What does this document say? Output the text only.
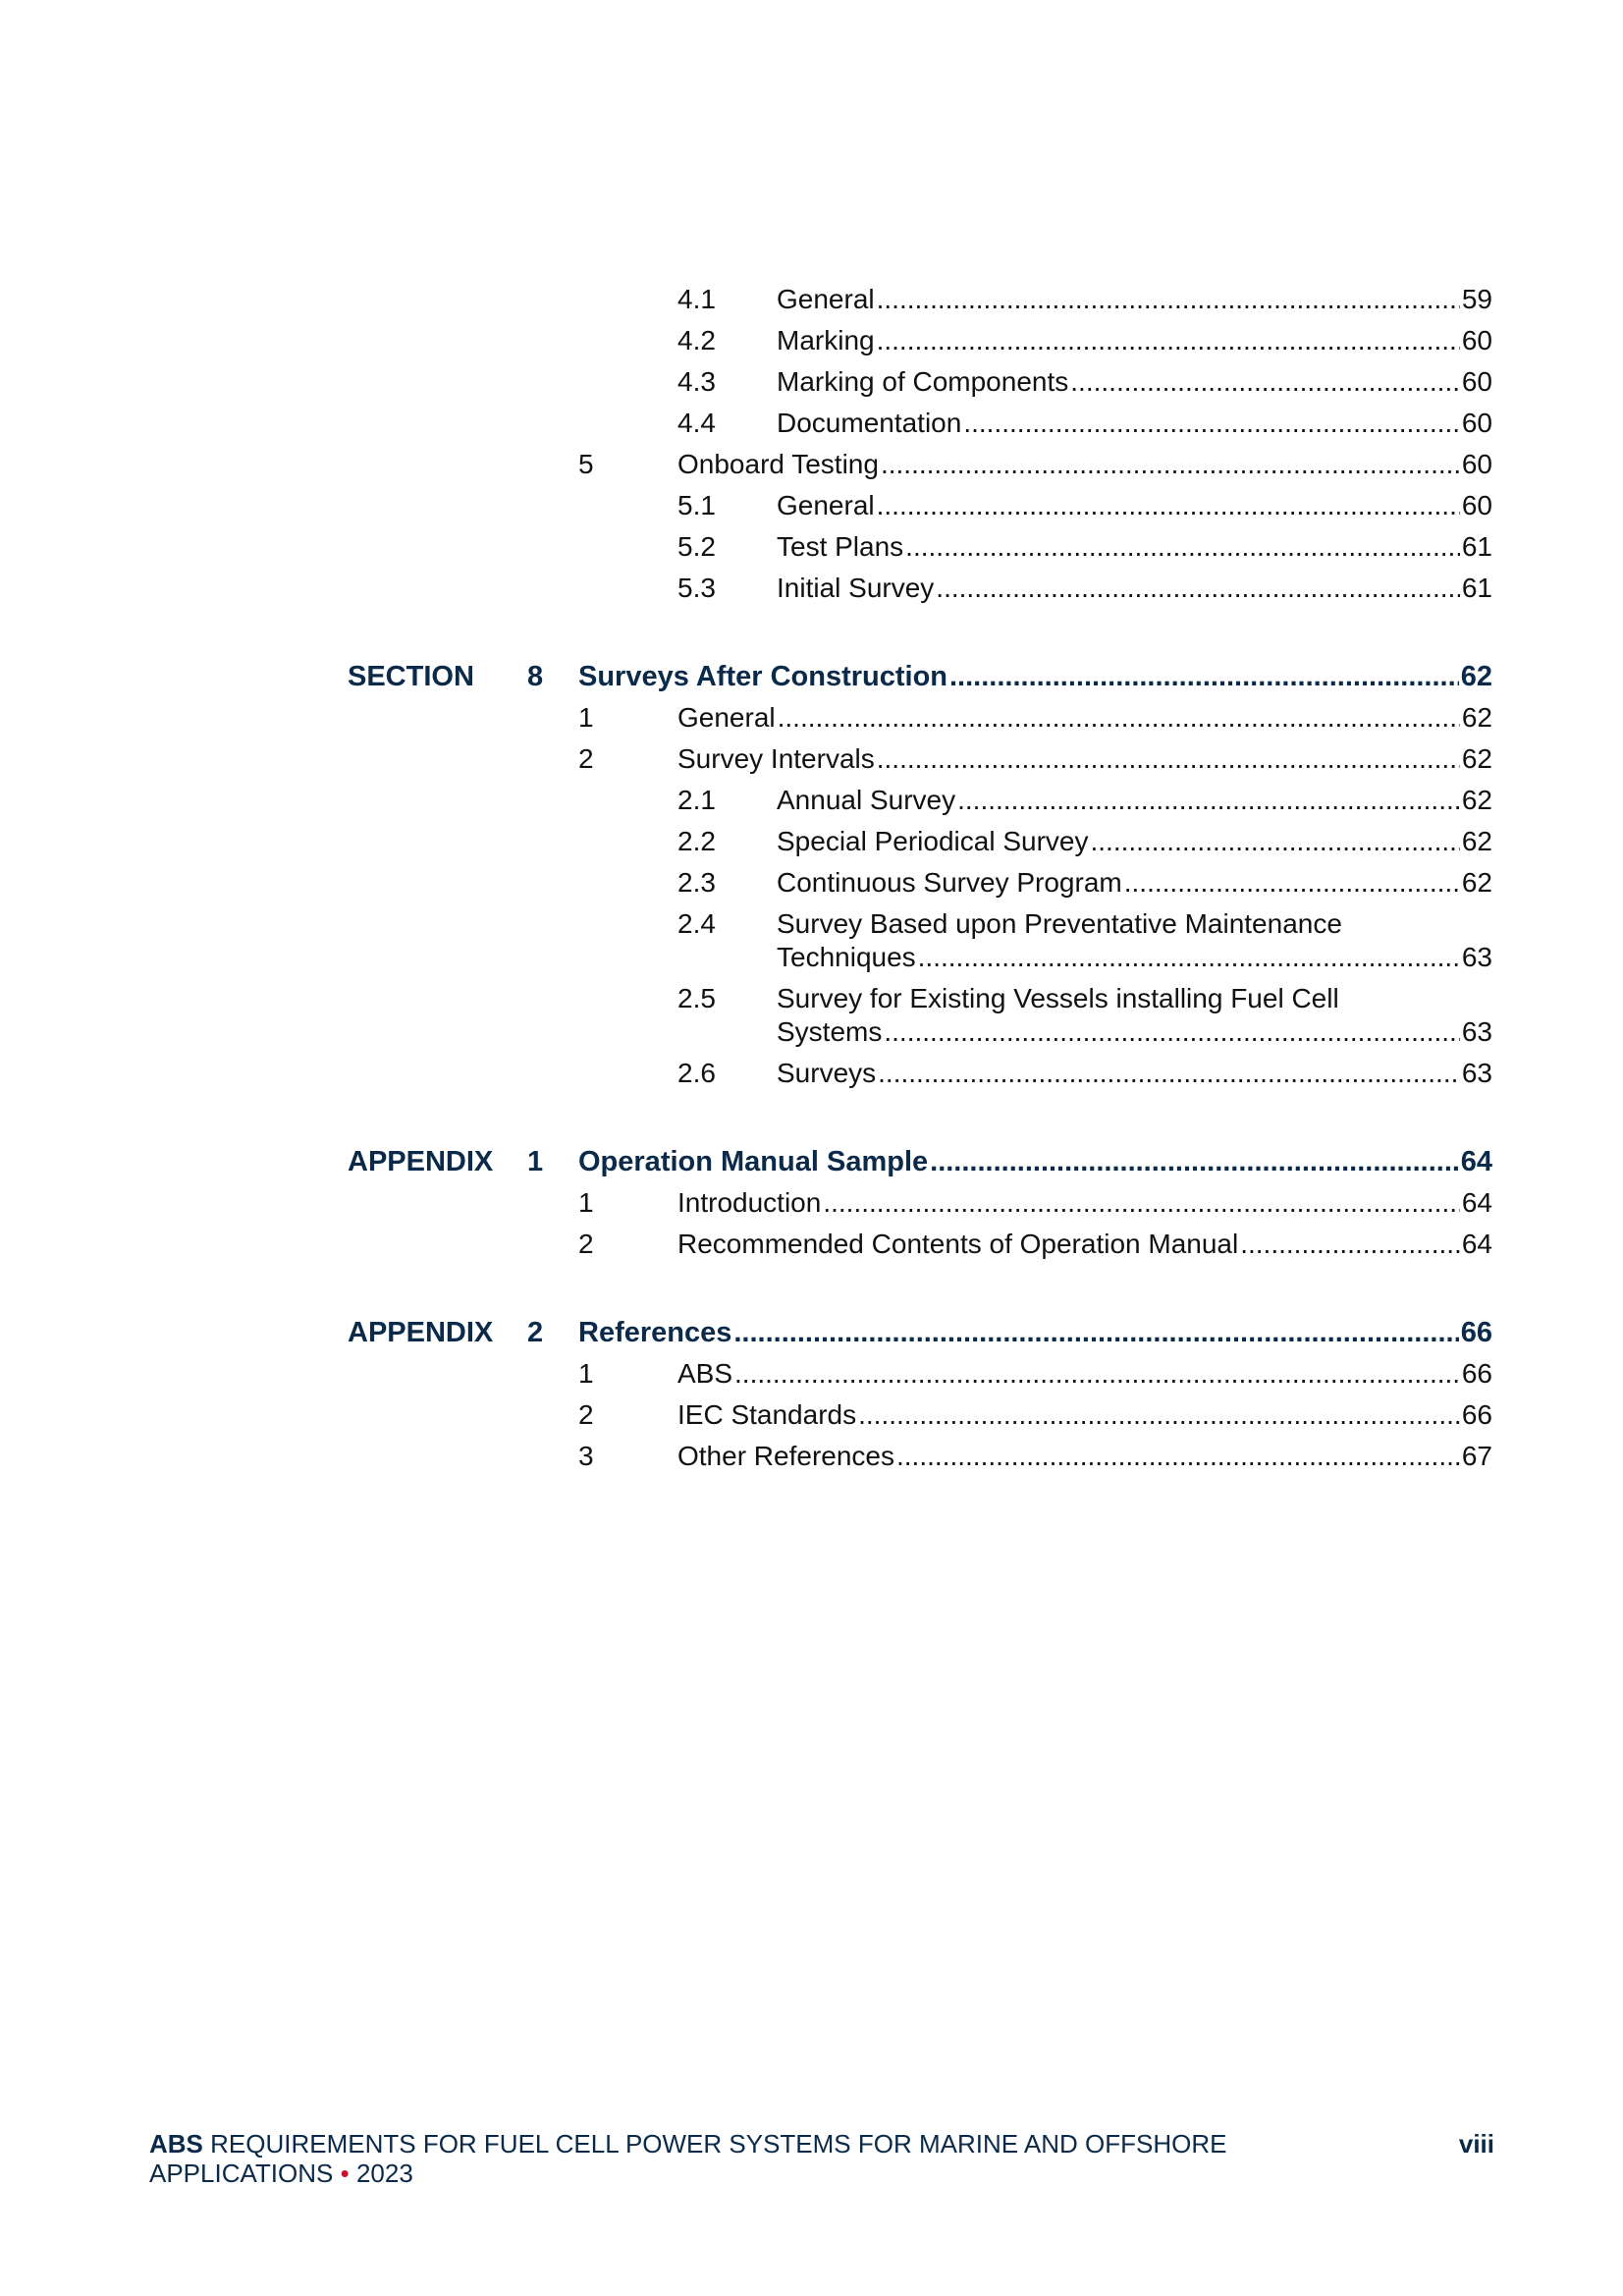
4.1 General .....	59
4.2 Marking .....	60
4.3 Marking of Components .....	60
4.4 Documentation .....	60
5	Onboard Testing .....	60
5.1 General .....	60
5.2 Test Plans .....	61
5.3 Initial Survey .....	61
SECTION 8 Surveys After Construction .....	62
1	General .....	62
2	Survey Intervals .....	62
2.1 Annual Survey .....	62
2.2 Special Periodical Survey .....	62
2.3 Continuous Survey Program .....	62
2.4 Survey Based upon Preventative Maintenance
Techniques .....	63
2.5 Survey for Existing Vessels installing Fuel Cell
Systems .....	63
2.6 Surveys .....	63
APPENDIX 1 Operation Manual Sample .....	64
1	Introduction .....	64
2	Recommended Contents of Operation Manual .....	64
APPENDIX 2 References .....	66
1	ABS .....	66
2	IEC Standards .....	66
3	Other References .....	67
ABS REQUIREMENTS FOR FUEL CELL POWER SYSTEMS FOR MARINE AND OFFSHORE
APPLICATIONS • 2023
viii
